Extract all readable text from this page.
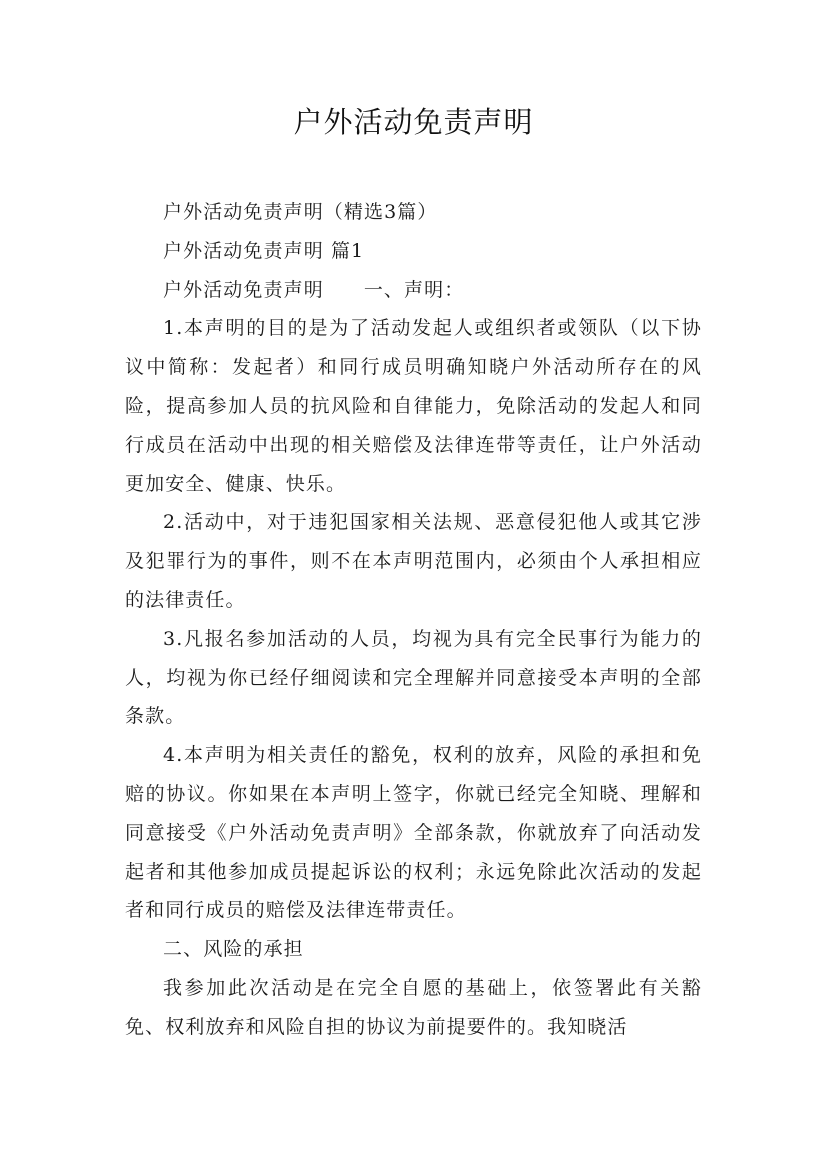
户外活动免责声明

户外活动免责声明（精选3篇）

户外活动免责声明 篇1

户外活动免责声明 一、声明：

1.本声明的目的是为了活动发起人或组织者或领队（以下协议中简称：发起者）和同行成员明确知晓户外活动所存在的风险，提高参加人员的抗风险和自律能力，免除活动的发起人和同行成员在活动中出现的相关赔偿及法律连带等责任，让户外活动更加安全、健康、快乐。

2.活动中，对于违犯国家相关法规、恶意侵犯他人或其它涉及犯罪行为的事件，则不在本声明范围内，必须由个人承担相应的法律责任。

3.凡报名参加活动的人员，均视为具有完全民事行为能力的人，均视为你已经仔细阅读和完全理解并同意接受本声明的全部条款。

4.本声明为相关责任的豁免，权利的放弃，风险的承担和免赔的协议。你如果在本声明上签字，你就已经完全知晓、理解和同意接受《户外活动免责声明》全部条款，你就放弃了向活动发起者和其他参加成员提起诉讼的权利；永远免除此次活动的发起者和同行成员的赔偿及法律连带责任。

二、风险的承担

我参加此次活动是在完全自愿的基础上，依签署此有关豁免、权利放弃和风险自担的协议为前提要件的。我知晓活
